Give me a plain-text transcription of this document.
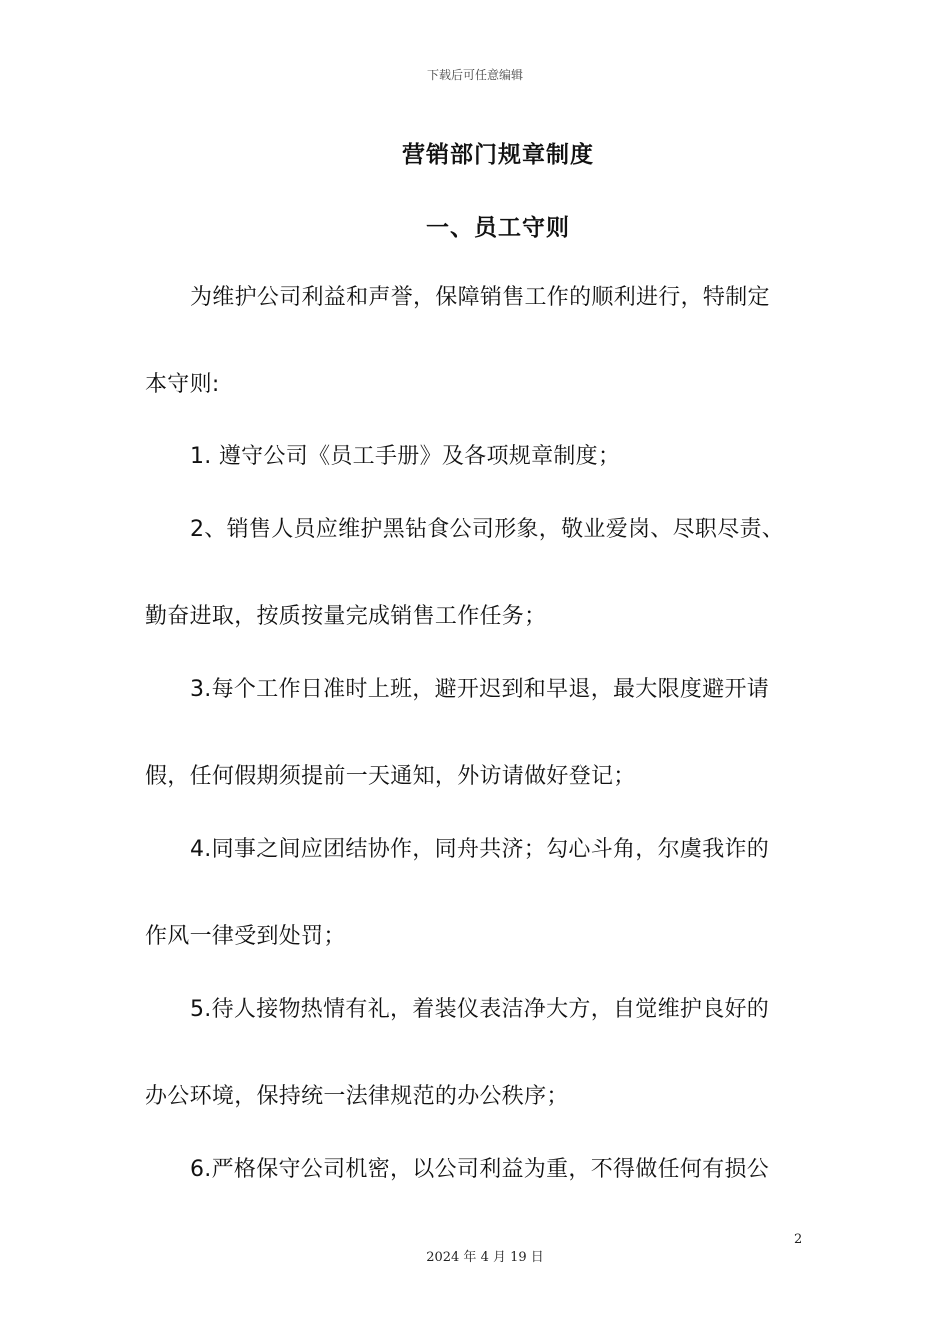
下载后可任意编辑
营销部门规章制度
一、员工守则
为维护公司利益和声誉，保障销售工作的顺利进行，特制定
本守则:
1. 遵守公司《员工手册》及各项规章制度；
2、销售人员应维护黑钻食公司形象，敬业爱岗、尽职尽责、
勤奋进取，按质按量完成销售工作任务；
3.每个工作日准时上班，避开迟到和早退，最大限度避开请
假，任何假期须提前一天通知，外访请做好登记；
4.同事之间应团结协作，同舟共济；勾心斗角，尔虞我诈的
作风一律受到处罚；
5.待人接物热情有礼，着装仪表洁净大方，自觉维护良好的
办公环境，保持统一法律规范的办公秩序；
6.严格保守公司机密，以公司利益为重，不得做任何有损公
2
2024 年 4 月 19 日
